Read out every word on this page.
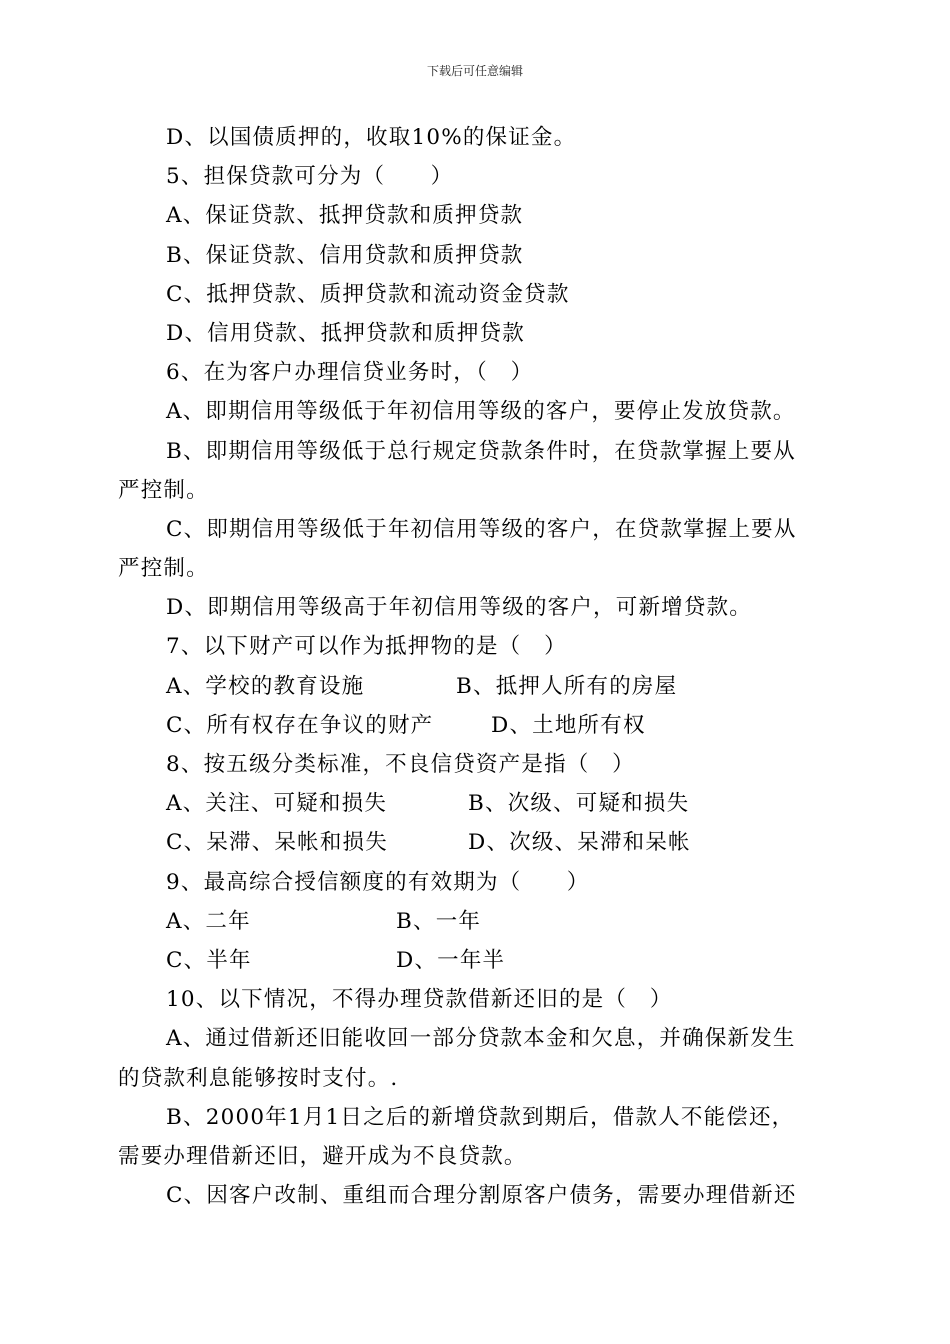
下载后可任意编辑
D、以国债质押的，收取10%的保证金。
5、担保贷款可分为（　　）
A、保证贷款、抵押贷款和质押贷款
B、保证贷款、信用贷款和质押贷款
C、抵押贷款、质押贷款和流动资金贷款
D、信用贷款、抵押贷款和质押贷款
6、在为客户办理信贷业务时，（　）
A、即期信用等级低于年初信用等级的客户，要停止发放贷款。
B、即期信用等级低于总行规定贷款条件时，在贷款掌握上要从
严控制。
C、即期信用等级低于年初信用等级的客户，在贷款掌握上要从
严控制。
D、即期信用等级高于年初信用等级的客户，可新增贷款。
7、以下财产可以作为抵押物的是（　）
A、学校的教育设施	B、抵押人所有的房屋
C、所有权存在争议的财产	D、土地所有权
8、按五级分类标准，不良信贷资产是指（　）
A、关注、可疑和损失	B、次级、可疑和损失
C、呆滞、呆帐和损失	D、次级、呆滞和呆帐
9、最高综合授信额度的有效期为（　　）
A、二年	B、一年
C、半年	D、一年半
10、以下情况，不得办理贷款借新还旧的是（　）
A、通过借新还旧能收回一部分贷款本金和欠息，并确保新发生
的贷款利息能够按时支付。.
B、2000年1月1日之后的新增贷款到期后，借款人不能偿还，
需要办理借新还旧，避开成为不良贷款。
C、因客户改制、重组而合理分割原客户债务，需要办理借新还
